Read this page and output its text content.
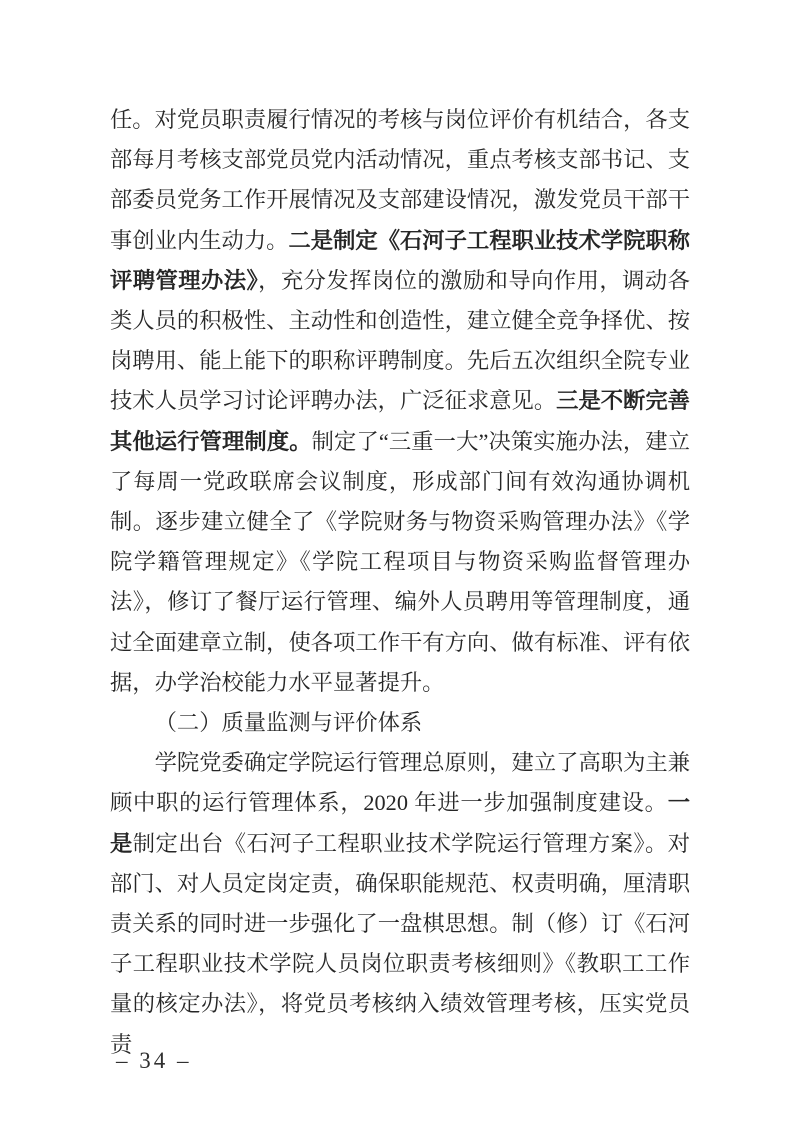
任。对党员职责履行情况的考核与岗位评价有机结合，各支部每月考核支部党员党内活动情况，重点考核支部书记、支部委员党务工作开展情况及支部建设情况，激发党员干部干事创业内生动力。二是制定《石河子工程职业技术学院职称评聘管理办法》，充分发挥岗位的激励和导向作用，调动各类人员的积极性、主动性和创造性，建立健全竞争择优、按岗聘用、能上能下的职称评聘制度。先后五次组织全院专业技术人员学习讨论评聘办法，广泛征求意见。三是不断完善其他运行管理制度。制定了“三重一大”决策实施办法，建立了每周一党政联席会议制度，形成部门间有效沟通协调机制。逐步建立健全了《学院财务与物资采购管理办法》《学院学籍管理规定》《学院工程项目与物资采购监督管理办法》，修订了餐厅运行管理、编外人员聘用等管理制度，通过全面建章立制，使各项工作干有方向、做有标准、评有依据，办学治校能力水平显著提升。

（二）质量监测与评价体系

学院党委确定学院运行管理总原则，建立了高职为主兼顾中职的运行管理体系，2020 年进一步加强制度建设。一是制定出台《石河子工程职业技术学院运行管理方案》。对部门、对人员定岗定责，确保职能规范、权责明确，厘清职责关系的同时进一步强化了一盘棋思想。制（修）订《石河子工程职业技术学院人员岗位职责考核细则》《教职工工作量的核定办法》，将党员考核纳入绩效管理考核，压实党员责

– 34 –
